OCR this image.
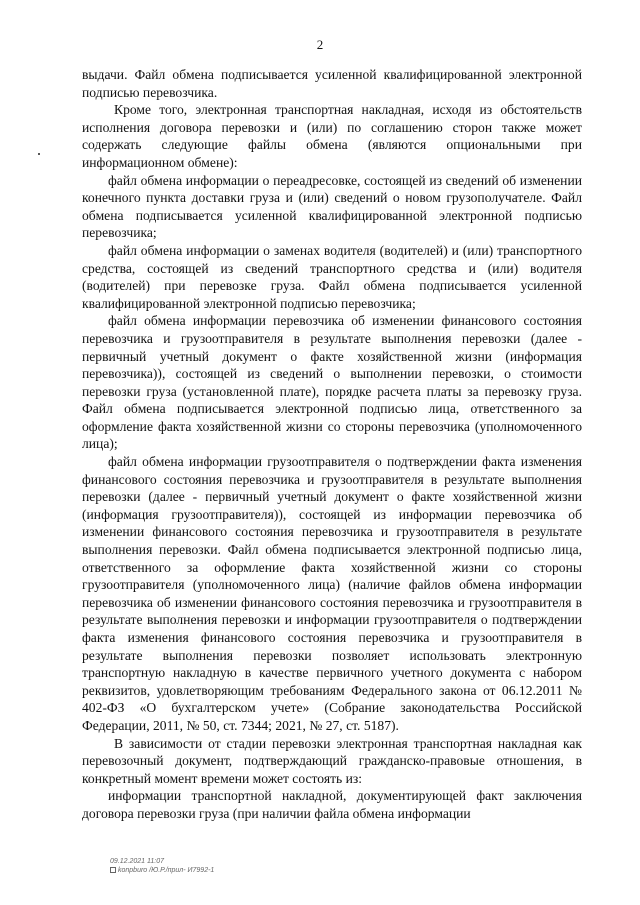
2

выдачи. Файл обмена подписывается усиленной квалифицированной электронной подписью перевозчика.

Кроме того, электронная транспортная накладная, исходя из обстоятельств исполнения договора перевозки и (или) по соглашению сторон также может содержать следующие файлы обмена (являются опциональными при информационном обмене):

файл обмена информации о переадресовке, состоящей из сведений об изменении конечного пункта доставки груза и (или) сведений о новом грузополучателе. Файл обмена подписывается усиленной квалифицированной электронной подписью перевозчика;

файл обмена информации о заменах водителя (водителей) и (или) транспортного средства, состоящей из сведений транспортного средства и (или) водителя (водителей) при перевозке груза. Файл обмена подписывается усиленной квалифицированной электронной подписью перевозчика;

файл обмена информации перевозчика об изменении финансового состояния перевозчика и грузоотправителя в результате выполнения перевозки (далее - первичный учетный документ о факте хозяйственной жизни (информация перевозчика)), состоящей из сведений о выполнении перевозки, о стоимости перевозки груза (установленной плате), порядке расчета платы за перевозку груза. Файл обмена подписывается электронной подписью лица, ответственного за оформление факта хозяйственной жизни со стороны перевозчика (уполномоченного лица);

файл обмена информации грузоотправителя о подтверждении факта изменения финансового состояния перевозчика и грузоотправителя в результате выполнения перевозки (далее - первичный учетный документ о факте хозяйственной жизни (информация грузоотправителя)), состоящей из информации перевозчика об изменении финансового состояния перевозчика и грузоотправителя в результате выполнения перевозки. Файл обмена подписывается электронной подписью лица, ответственного за оформление факта хозяйственной жизни со стороны грузоотправителя (уполномоченного лица) (наличие файлов обмена информации перевозчика об изменении финансового состояния перевозчика и грузоотправителя в результате выполнения перевозки и информации грузоотправителя о подтверждении факта изменения финансового состояния перевозчика и грузоотправителя в результате выполнения перевозки позволяет использовать электронную транспортную накладную в качестве первичного учетного документа с набором реквизитов, удовлетворяющим требованиям Федерального закона от 06.12.2011 № 402-ФЗ «О бухгалтерском учете» (Собрание законодательства Российской Федерации, 2011, № 50, ст. 7344; 2021, № 27, ст. 5187).

В зависимости от стадии перевозки электронная транспортная накладная как перевозочный документ, подтверждающий гражданско-правовые отношения, в конкретный момент времени может состоять из:

информации транспортной накладной, документирующей факт заключения договора перевозки груза (при наличии файла обмена информации

09.12.2021 11:07
konpburo /Ю.Р./прил- И7992-1
